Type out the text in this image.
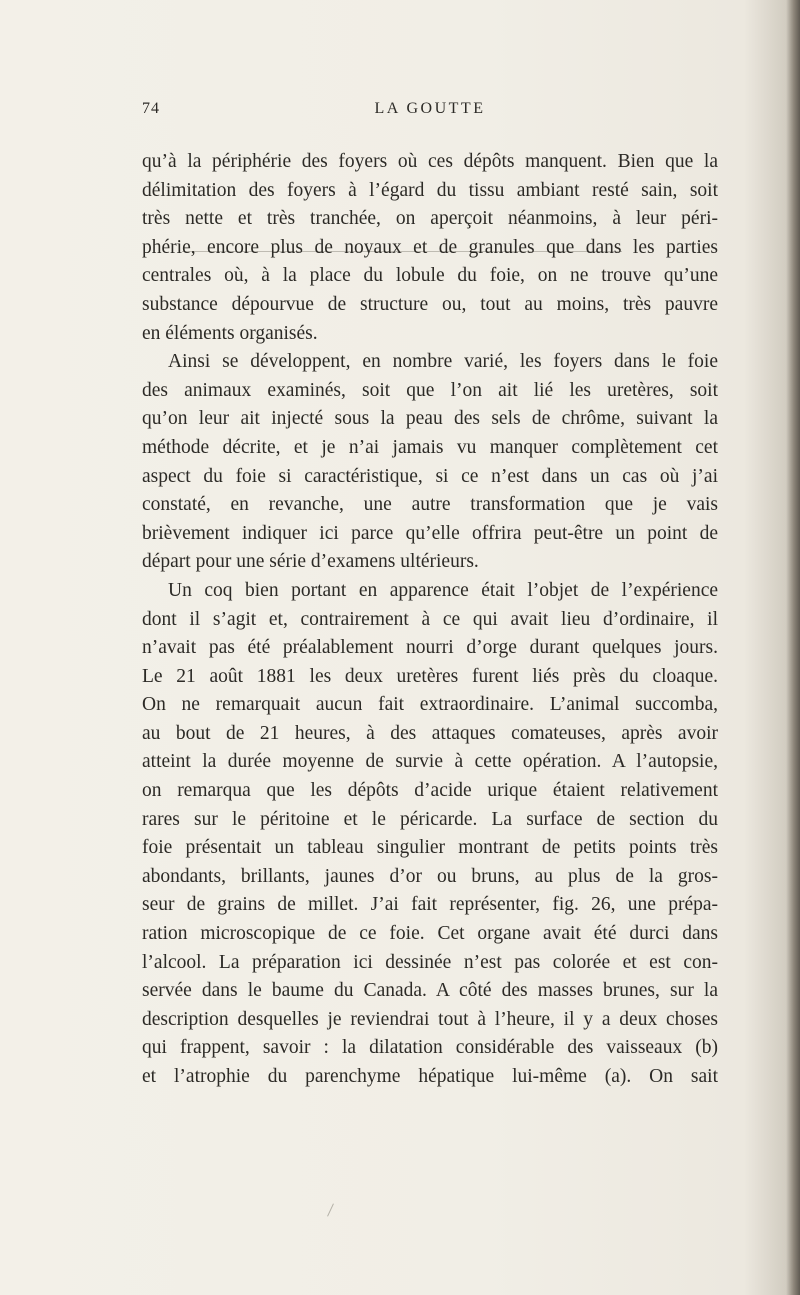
74	LA GOUTTE
qu’à la périphérie des foyers où ces dépôts manquent. Bien que la
délimitation des foyers à l’égard du tissu ambiant resté sain, soit
très nette et très tranchée, on aperçoit néanmoins, à leur péri-
phérie, encore plus de noyaux et de granules que dans les parties
centrales où, à la place du lobule du foie, on ne trouve qu’une
substance dépourvue de structure ou, tout au moins, très pauvre
en éléments organisés.
Ainsi se développent, en nombre varié, les foyers dans le foie
des animaux examinés, soit que l’on ait lié les uretères, soit
qu’on leur ait injecté sous la peau des sels de chrôme, suivant la
méthode décrite, et je n’ai jamais vu manquer complètement cet
aspect du foie si caractéristique, si ce n’est dans un cas où j’ai
constaté, en revanche, une autre transformation que je vais
brièvement indiquer ici parce qu’elle offrira peut-être un point de
départ pour une série d’examens ultérieurs.
Un coq bien portant en apparence était l’objet de l’expérience
dont il s’agit et, contrairement à ce qui avait lieu d’ordinaire, il
n’avait pas été préalablement nourri d’orge durant quelques jours.
Le 21 août 1881 les deux uretères furent liés près du cloaque.
On ne remarquait aucun fait extraordinaire. L’animal succomba,
au bout de 21 heures, à des attaques comateuses, après avoir
atteint la durée moyenne de survie à cette opération. A l’autopsie,
on remarqua que les dépôts d’acide urique étaient relativement
rares sur le péritoine et le péricarde. La surface de section du
foie présentait un tableau singulier montrant de petits points très
abondants, brillants, jaunes d’or ou bruns, au plus de la gros-
seur de grains de millet. J’ai fait représenter, fig. 26, une prépa-
ration microscopique de ce foie. Cet organe avait été durci dans
l’alcool. La préparation ici dessinée n’est pas colorée et est con-
servée dans le baume du Canada. A côté des masses brunes, sur la
description desquelles je reviendrai tout à l’heure, il y a deux choses
qui frappent, savoir : la dilatation considérable des vaisseaux (b)
et l’atrophie du parenchyme hépatique lui-même (a). On sait
